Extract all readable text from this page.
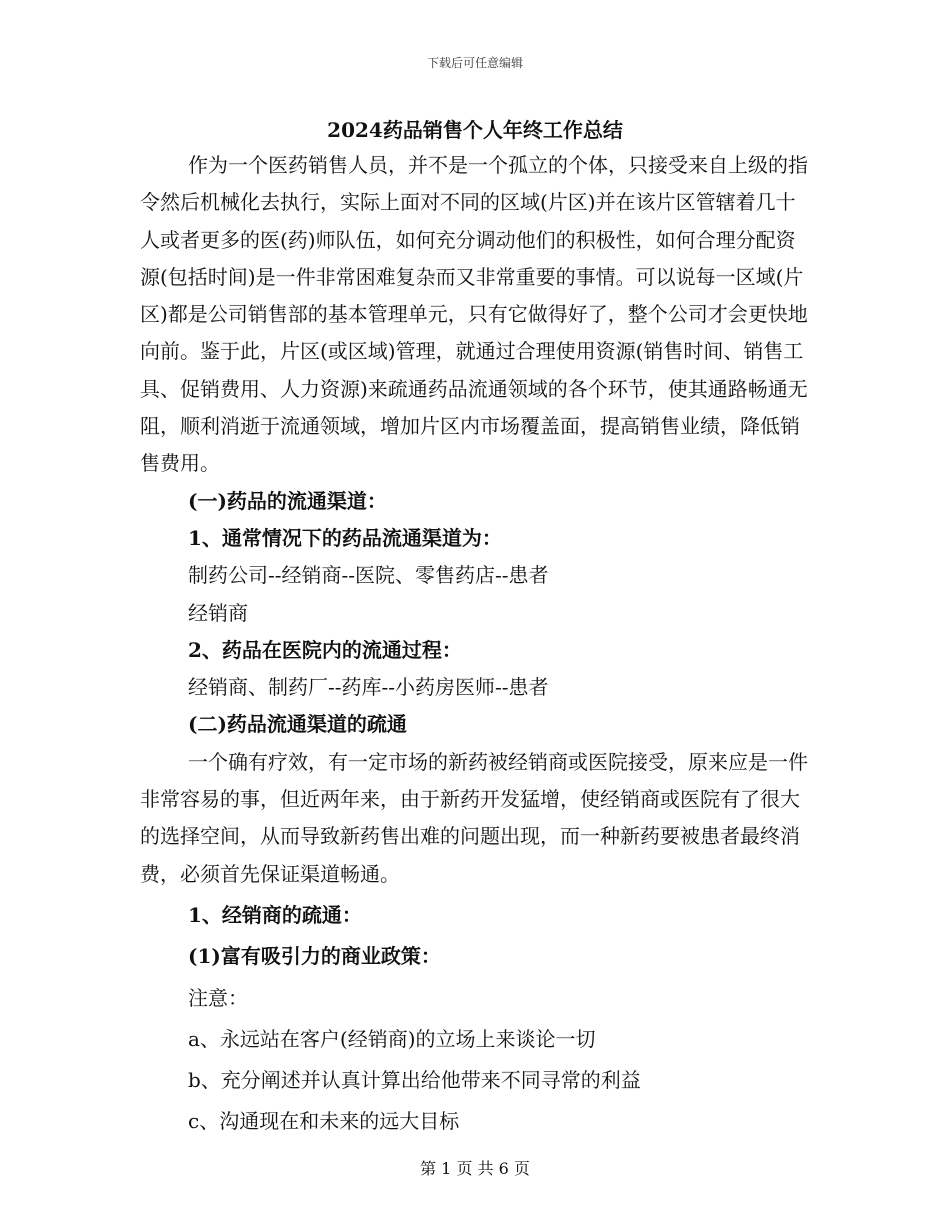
下载后可任意编辑
2024药品销售个人年终工作总结

作为一个医药销售人员，并不是一个孤立的个体，只接受来自上级的指令然后机械化去执行，实际上面对不同的区域(片区)并在该片区管辖着几十人或者更多的医(药)师队伍，如何充分调动他们的积极性，如何合理分配资源(包括时间)是一件非常困难复杂而又非常重要的事情。可以说每一区域(片区)都是公司销售部的基本管理单元，只有它做得好了，整个公司才会更快地向前。鉴于此，片区(或区域)管理，就通过合理使用资源(销售时间、销售工具、促销费用、人力资源)来疏通药品流通领域的各个环节，使其通路畅通无阻，顺利消逝于流通领域，增加片区内市场覆盖面，提高销售业绩，降低销售费用。

(一)药品的流通渠道：

1、通常情况下的药品流通渠道为：

制药公司--经销商--医院、零售药店--患者

经销商

2、药品在医院内的流通过程：

经销商、制药厂--药库--小药房医师--患者

(二)药品流通渠道的疏通

一个确有疗效，有一定市场的新药被经销商或医院接受，原来应是一件非常容易的事，但近两年来，由于新药开发猛增，使经销商或医院有了很大的选择空间，从而导致新药售出难的问题出现，而一种新药要被患者最终消费，必须首先保证渠道畅通。

1、经销商的疏通：

(1)富有吸引力的商业政策：

注意：

a、永远站在客户(经销商)的立场上来谈论一切

b、充分阐述并认真计算出给他带来不同寻常的利益

c、沟通现在和未来的远大目标

第 1 页 共 6 页
